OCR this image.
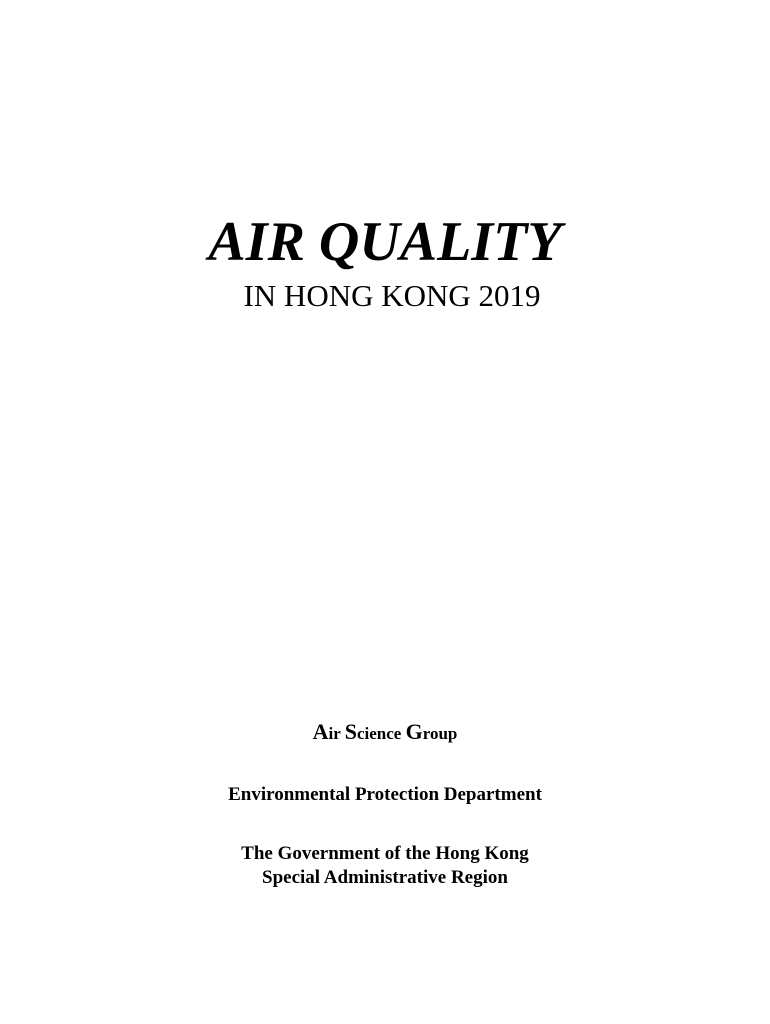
AIR QUALITY
IN HONG KONG 2019
Air Science Group
Environmental Protection Department
The Government of the Hong Kong
Special Administrative Region
